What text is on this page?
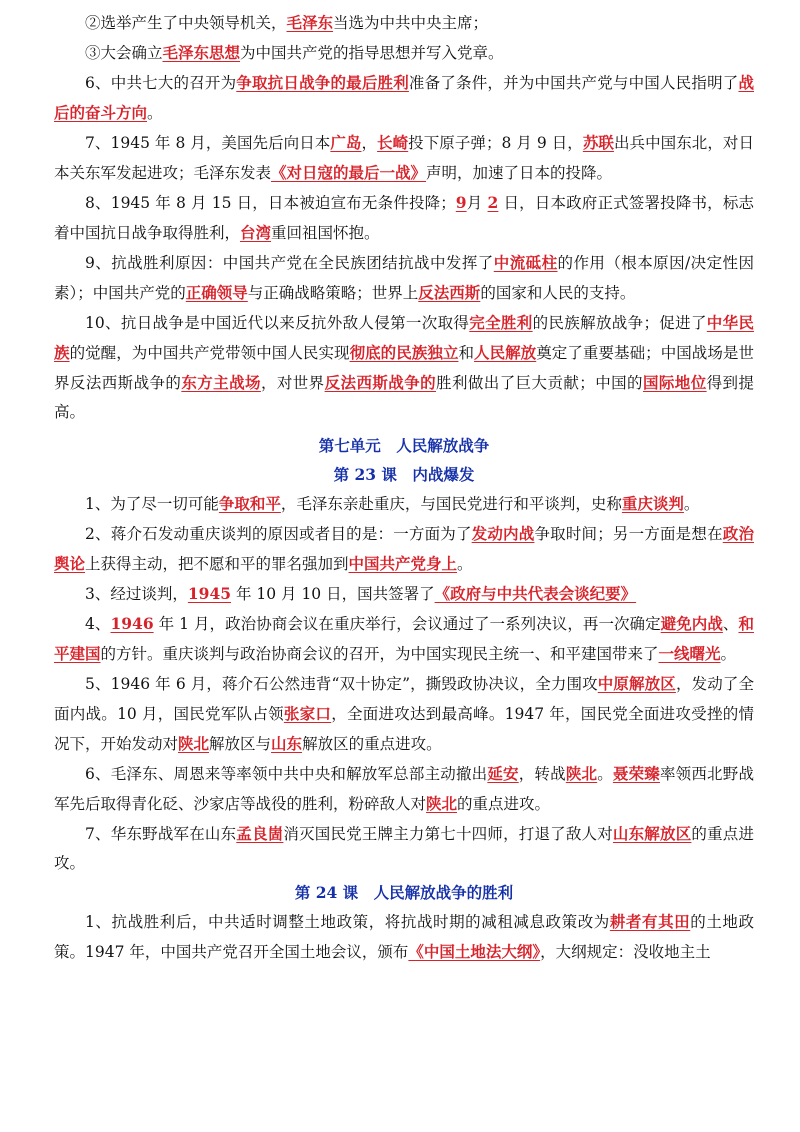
②选举产生了中央领导机关，毛泽东当选为中共中央主席；
③大会确立毛泽东思想为中国共产党的指导思想并写入党章。
6、中共七大的召开为争取抗日战争的最后胜利准备了条件，并为中国共产党与中国人民指明了战后的奋斗方向。
7、1945 年 8 月，美国先后向日本广岛，长崎投下原子弹；8 月 9 日，苏联出兵中国东北，对日本关东军发起进攻；毛泽东发表《对日寇的最后一战》声明，加速了日本的投降。
8、1945 年 8 月 15 日，日本被迫宣布无条件投降；9月 2 日，日本政府正式签署投降书，标志着中国抗日战争取得胜利，台湾重回祖国怀抱。
9、抗战胜利原因：中国共产党在全民族团结抗战中发挥了中流砥柱的作用（根本原因/决定性因素）；中国共产党的正确领导与正确战略策略；世界上反法西斯的国家和人民的支持。
10、抗日战争是中国近代以来反抗外敌人侵第一次取得完全胜利的民族解放战争；促进了中华民族的觉醒，为中国共产党带领中国人民实现彻底的民族独立和人民解放奠定了重要基础；中国战场是世界反法西斯战争的东方主战场，对世界反法西斯战争的胜利做出了巨大贡献；中国的国际地位得到提高。
第七单元　人民解放战争
第 23 课　内战爆发
1、为了尽一切可能争取和平，毛泽东亲赴重庆，与国民党进行和平谈判，史称重庆谈判。
2、蒋介石发动重庆谈判的原因或者目的是：一方面为了发动内战争取时间；另一方面是想在政治舆论上获得主动，把不愿和平的罪名强加到中国共产党身上。
3、经过谈判，1945 年 10 月 10 日，国共签署了《政府与中共代表会谈纪要》
4、1946 年 1 月，政治协商会议在重庆举行，会议通过了一系列决议，再一次确定避免内战、和平建国的方针。重庆谈判与政治协商会议的召开，为中国实现民主统一、和平建国带来了一线曙光。
5、1946 年 6 月，蒋介石公然违背“双十协定”，撕毁政协决议，全力围攻中原解放区，发动了全面内战。10 月，国民党军队占领张家口，全面进攻达到最高峰。1947 年，国民党全面进攻受挫的情况下，开始发动对陕北解放区与山东解放区的重点进攻。
6、毛泽东、周恩来等率领中共中央和解放军总部主动撤出延安，转战陕北。聂荣臻率领西北野战军先后取得青化砭、沙家店等战役的胜利，粉碎敌人对陕北的重点进攻。
7、华东野战军在山东孟良崮消灭国民党王牌主力第七十四师，打退了敌人对山东解放区的重点进攻。
第 24 课　人民解放战争的胜利
1、抗战胜利后，中共适时调整土地政策，将抗战时期的减租减息政策改为耕者有其田的土地政策。1947 年，中国共产党召开全国土地会议，颁布《中国土地法大纲》，大纲规定：没收地主土
